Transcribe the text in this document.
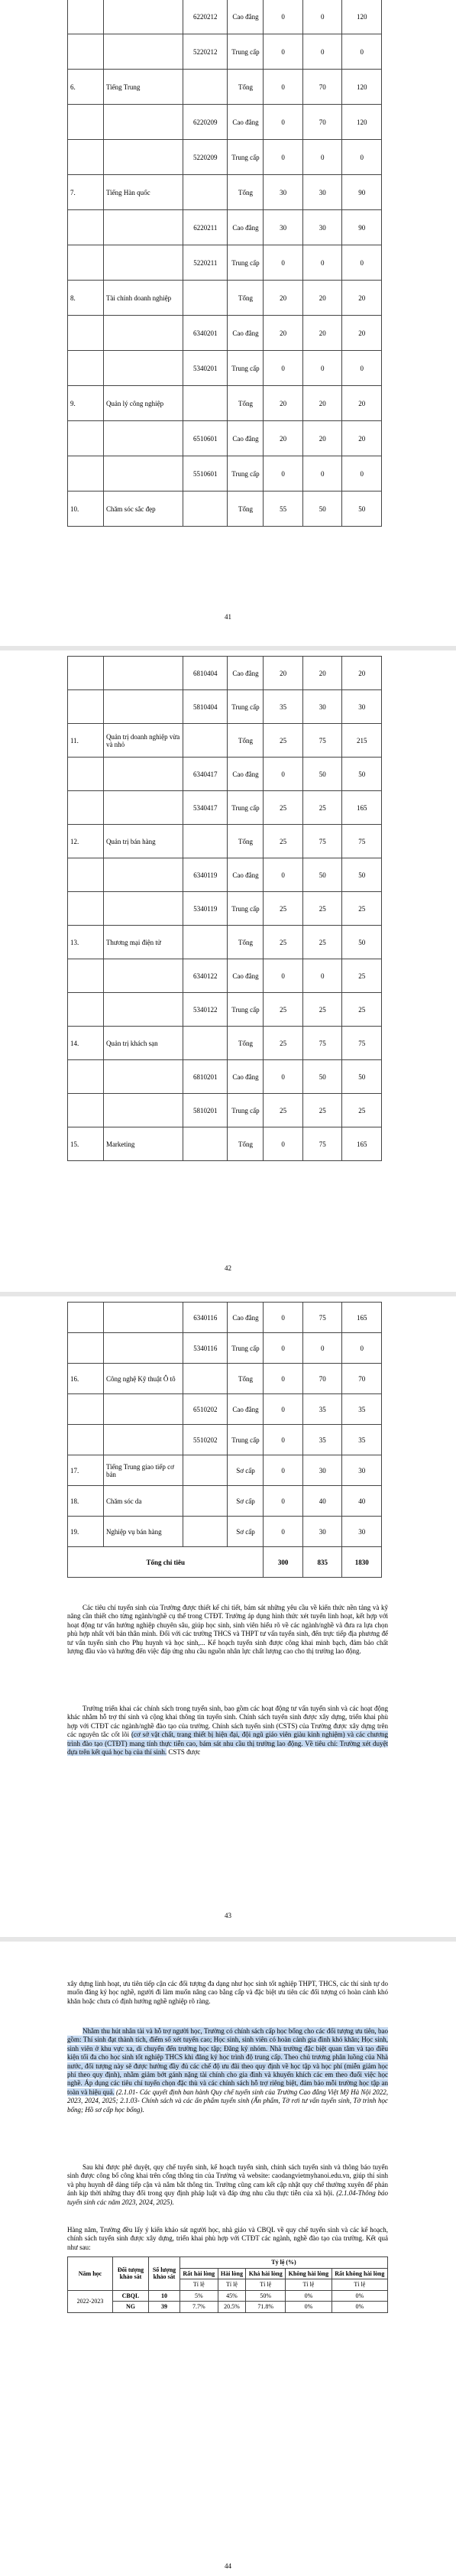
		6220212	Cao đẳng	0	0	120
		5220212	Trung cấp	0	0	0
6.	Tiếng Trung		Tổng	0	70	120
		6220209	Cao đẳng	0	70	120
		5220209	Trung cấp	0	0	0
7.	Tiếng Hàn quốc		Tổng	30	30	90
		6220211	Cao đẳng	30	30	90
		5220211	Trung cấp	0	0	0
8.	Tài chính doanh nghiệp		Tổng	20	20	20
		6340201	Cao đẳng	20	20	20
		5340201	Trung cấp	0	0	0
9.	Quản lý công nghiệp		Tổng	20	20	20
		6510601	Cao đẳng	20	20	20
		5510601	Trung cấp	0	0	0
10.	Chăm sóc sắc đẹp		Tổng	55	50	50
41
		6810404	Cao đẳng	20	20	20
		5810404	Trung cấp	35	30	30
11.	Quản trị doanh nghiệp vừa và nhỏ		Tổng	25	75	215
		6340417	Cao đẳng	0	50	50
		5340417	Trung cấp	25	25	165
12.	Quản trị bán hàng		Tổng	25	75	75
		6340119	Cao đẳng	0	50	50
		5340119	Trung cấp	25	25	25
13.	Thương mại điện tử		Tổng	25	25	50
		6340122	Cao đẳng	0	0	25
		5340122	Trung cấp	25	25	25
14.	Quản trị khách sạn		Tổng	25	75	75
		6810201	Cao đẳng	0	50	50
		5810201	Trung cấp	25	25	25
15.	Marketing		Tổng	0	75	165
42
		6340116	Cao đẳng	0	75	165
		5340116	Trung cấp	0	0	0
16.	Công nghệ Kỹ thuật Ô tô		Tổng	0	70	70
		6510202	Cao đẳng	0	35	35
		5510202	Trung cấp	0	35	35
17.	Tiếng Trung giao tiếp cơ bản		Sơ cấp	0	30	30
18.	Chăm sóc da		Sơ cấp	0	40	40
19.	Nghiệp vụ bán hàng		Sơ cấp	0	30	30
Tổng chỉ tiêu				300	835	1830
Các tiêu chí tuyển sinh của Trường được thiết kế chi tiết, bám sát những yêu cầu về kiến thức nền tảng và kỹ năng cần thiết cho từng ngành/nghề cụ thể trong CTĐT. Trường áp dụng hình thức xét tuyển linh hoạt, kết hợp với hoạt động tư vấn hướng nghiệp chuyên sâu, giúp học sinh, sinh viên hiểu rõ về các ngành/nghề và đưa ra lựa chọn phù hợp nhất với bản thân mình. Đối với các trường THCS và THPT tư vấn tuyển sinh, đến trực tiếp địa phương để tư vấn tuyển sinh cho Phụ huynh và học sinh,... Kế hoạch tuyển sinh được công khai minh bạch, đảm bảo chất lượng đầu vào và hướng đến việc đáp ứng nhu cầu nguồn nhân lực chất lượng cao cho thị trường lao động.
Trường triển khai các chính sách trong tuyển sinh, bao gồm các hoạt động tư vấn tuyển sinh và các hoạt động khác nhằm hỗ trợ thí sinh và cộng khai thông tin tuyển sinh. Chính sách tuyển sinh được xây dựng, triển khai phù hợp với CTĐT các ngành/nghề đào tạo của trường. Chính sách tuyển sinh (CSTS) của Trường được xây dựng trên các nguyên tắc cốt lõi (cơ sở vật chất, trang thiết bị hiện đại, đội ngũ giáo viên giàu kinh nghiệm) và các chương trình đào tạo (CTĐT) mang tính thực tiễn cao, bám sát nhu cầu thị trường lao động. Về tiêu chí: Trường xét duyệt dựa trên kết quả học bạ của thí sinh. CSTS được
43
xây dựng linh hoạt, ưu tiên tiếp cận các đối tượng đa dạng như học sinh tốt nghiệp THPT, THCS, các thí sinh tự do muốn đăng ký học nghề, người đi làm muốn nâng cao bằng cấp và đặc biệt ưu tiên các đối tượng có hoàn cảnh khó khăn hoặc chưa có định hướng nghề nghiệp rõ ràng.
Nhằm thu hút nhân tài và hỗ trợ người học, Trường có chính sách cấp học bổng cho các đối tượng ưu tiên, bao gồm: Thí sinh đạt thành tích, điểm số xét tuyển cao; Học sinh, sinh viên có hoàn cảnh gia đình khó khăn; Học sinh, sinh viên ở khu vực xa, di chuyển đến trường học tập; Đăng ký nhóm. Nhà trường đặc biệt quan tâm và tạo điều kiện tối đa cho học sinh tốt nghiệp THCS khi đăng ký học trình độ trung cấp. Theo chủ trương phân luồng của Nhà nước, đối tượng này sẽ được hưởng đầy đủ các chế độ ưu đãi theo quy định về học tập và học phí (miễn giảm học phí theo quy định), nhằm giảm bớt gánh nặng tài chính cho gia đình và khuyến khích các em theo đuổi việc học nghề. Áp dụng các tiêu chí tuyển chọn đặc thù và các chính sách hỗ trợ riêng biệt, đảm bảo mỗi trường học tập an toàn và hiệu quả. (2.1.01- Các quyết định ban hành Quy chế tuyển sinh của Trường Cao đẳng Việt Mỹ Hà Nội 2022, 2023, 2024, 2025; 2.1.03- Chính sách và các ấn phẩm tuyển sinh (Ấn phẩm, Tờ rơi tư vấn tuyển sinh, Tờ trình học bổng; Hồ sơ cấp học bổng).
Sau khi được phê duyệt, quy chế tuyển sinh, kế hoạch tuyển sinh, chính sách tuyển sinh và thông báo tuyển sinh được công bố công khai trên cổng thông tin của Trường và website: caodangvietmyhanoi.edu.vn, giúp thí sinh và phụ huynh dễ dàng tiếp cận và nắm bắt thông tin. Trường cũng cam kết cập nhật quy chế thường xuyên để phản ánh kịp thời những thay đổi trong quy định pháp luật và đáp ứng nhu cầu thực tiễn của xã hội. (2.1.04-Thông báo tuyển sinh các năm 2023, 2024, 2025).
Hàng năm, Trường đều lấy ý kiến khảo sát người học, nhà giáo và CBQL về quy chế tuyển sinh và các kế hoạch, chính sách tuyển sinh được xây dựng, triển khai phù hợp với CTĐT các ngành, nghề đào tạo của trường. Kết quả như sau:
Năm học	Đối tượng khảo sát	Số lượng khảo sát	Tỷ lệ (%)				
			Rất hài lòng	Hài lòng	Khá hài lòng	Không hài lòng	Rất không hài lòng
			Tỉ lệ	Tỉ lệ	Tỉ lệ	Tỉ lệ	Tỉ lệ
2022-2023	CBQL	10	5%	45%	50%	0%	0%
	NG	39	7.7%	20.5%	71.8%	0%	0%
44
